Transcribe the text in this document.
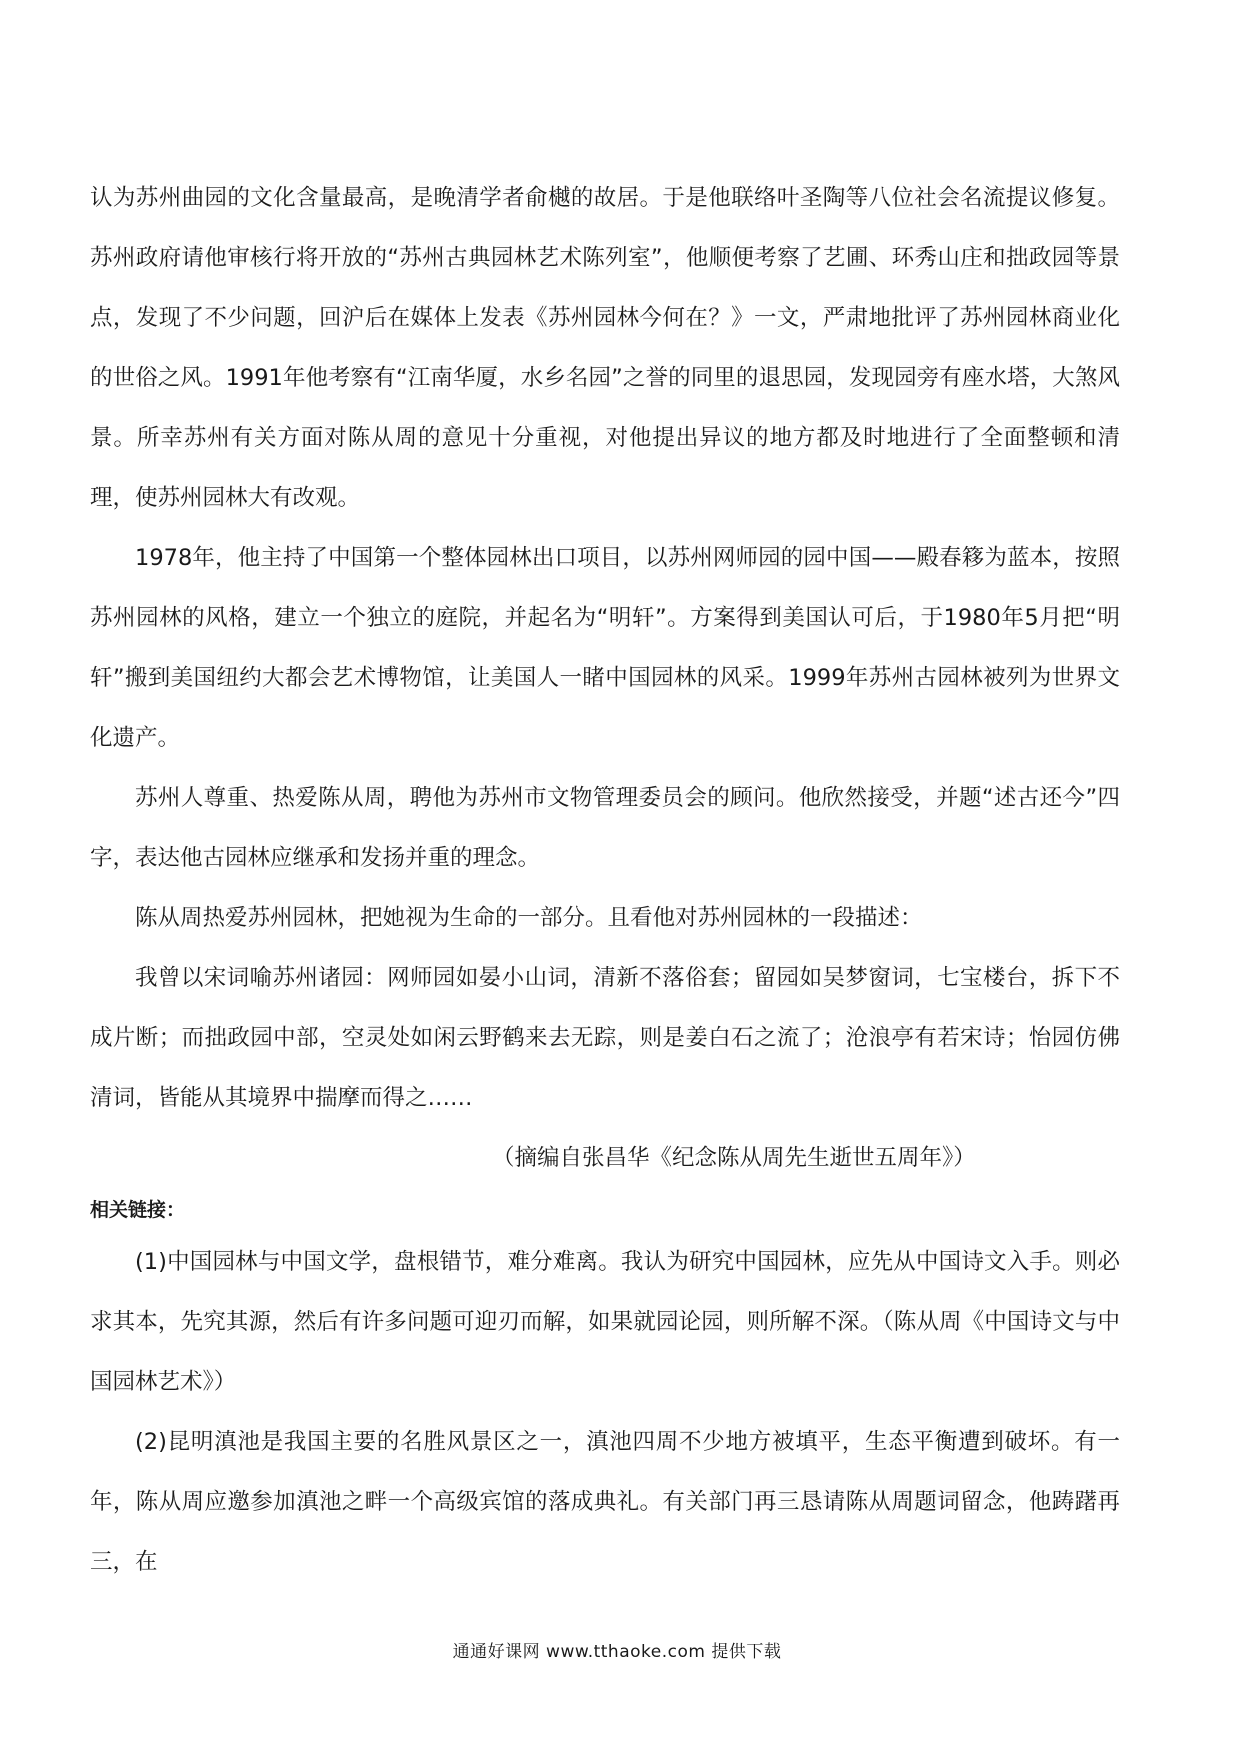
认为苏州曲园的文化含量最高，是晚清学者俞樾的故居。于是他联络叶圣陶等八位社会名流提议修复。苏州政府请他审核行将开放的“苏州古典园林艺术陈列室”，他顺便考察了艺圃、环秀山庄和拙政园等景点，发现了不少问题，回沪后在媒体上发表《苏州园林今何在？》一文，严肃地批评了苏州园林商业化的世俗之风。1991年他考察有“江南华厦，水乡名园”之誉的同里的退思园，发现园旁有座水塔，大煞风景。所幸苏州有关方面对陈从周的意见十分重视，对他提出异议的地方都及时地进行了全面整顿和清理，使苏州园林大有改观。

1978年，他主持了中国第一个整体园林出口项目，以苏州网师园的园中国——殿春簃为蓝本，按照苏州园林的风格，建立一个独立的庭院，并起名为“明轩”。方案得到美国认可后，于1980年5月把“明轩”搬到美国纽约大都会艺术博物馆，让美国人一睹中国园林的风采。1999年苏州古园林被列为世界文化遗产。

苏州人尊重、热爱陈从周，聘他为苏州市文物管理委员会的顾问。他欣然接受，并题“述古还今”四字，表达他古园林应继承和发扬并重的理念。

陈从周热爱苏州园林，把她视为生命的一部分。且看他对苏州园林的一段描述：

我曾以宋词喻苏州诸园：网师园如晏小山词，清新不落俗套；留园如吴梦窗词，七宝楼台，拆下不成片断；而拙政园中部，空灵处如闲云野鹤来去无踪，则是姜白石之流了；沧浪亭有若宋诗；怡园仿佛清词，皆能从其境界中揣摩而得之……

（摘编自张昌华《纪念陈从周先生逝世五周年》）

相关链接：

(1)中国园林与中国文学，盘根错节，难分难离。我认为研究中国园林，应先从中国诗文入手。则必求其本，先究其源，然后有许多问题可迎刃而解，如果就园论园，则所解不深。（陈从周《中国诗文与中国园林艺术》）

(2)昆明滇池是我国主要的名胜风景区之一，滇池四周不少地方被填平，生态平衡遭到破坏。有一年，陈从周应邀参加滇池之畔一个高级宾馆的落成典礼。有关部门再三恳请陈从周题词留念，他踌躇再三，在

通通好课网 www.tthaoke.com 提供下载
